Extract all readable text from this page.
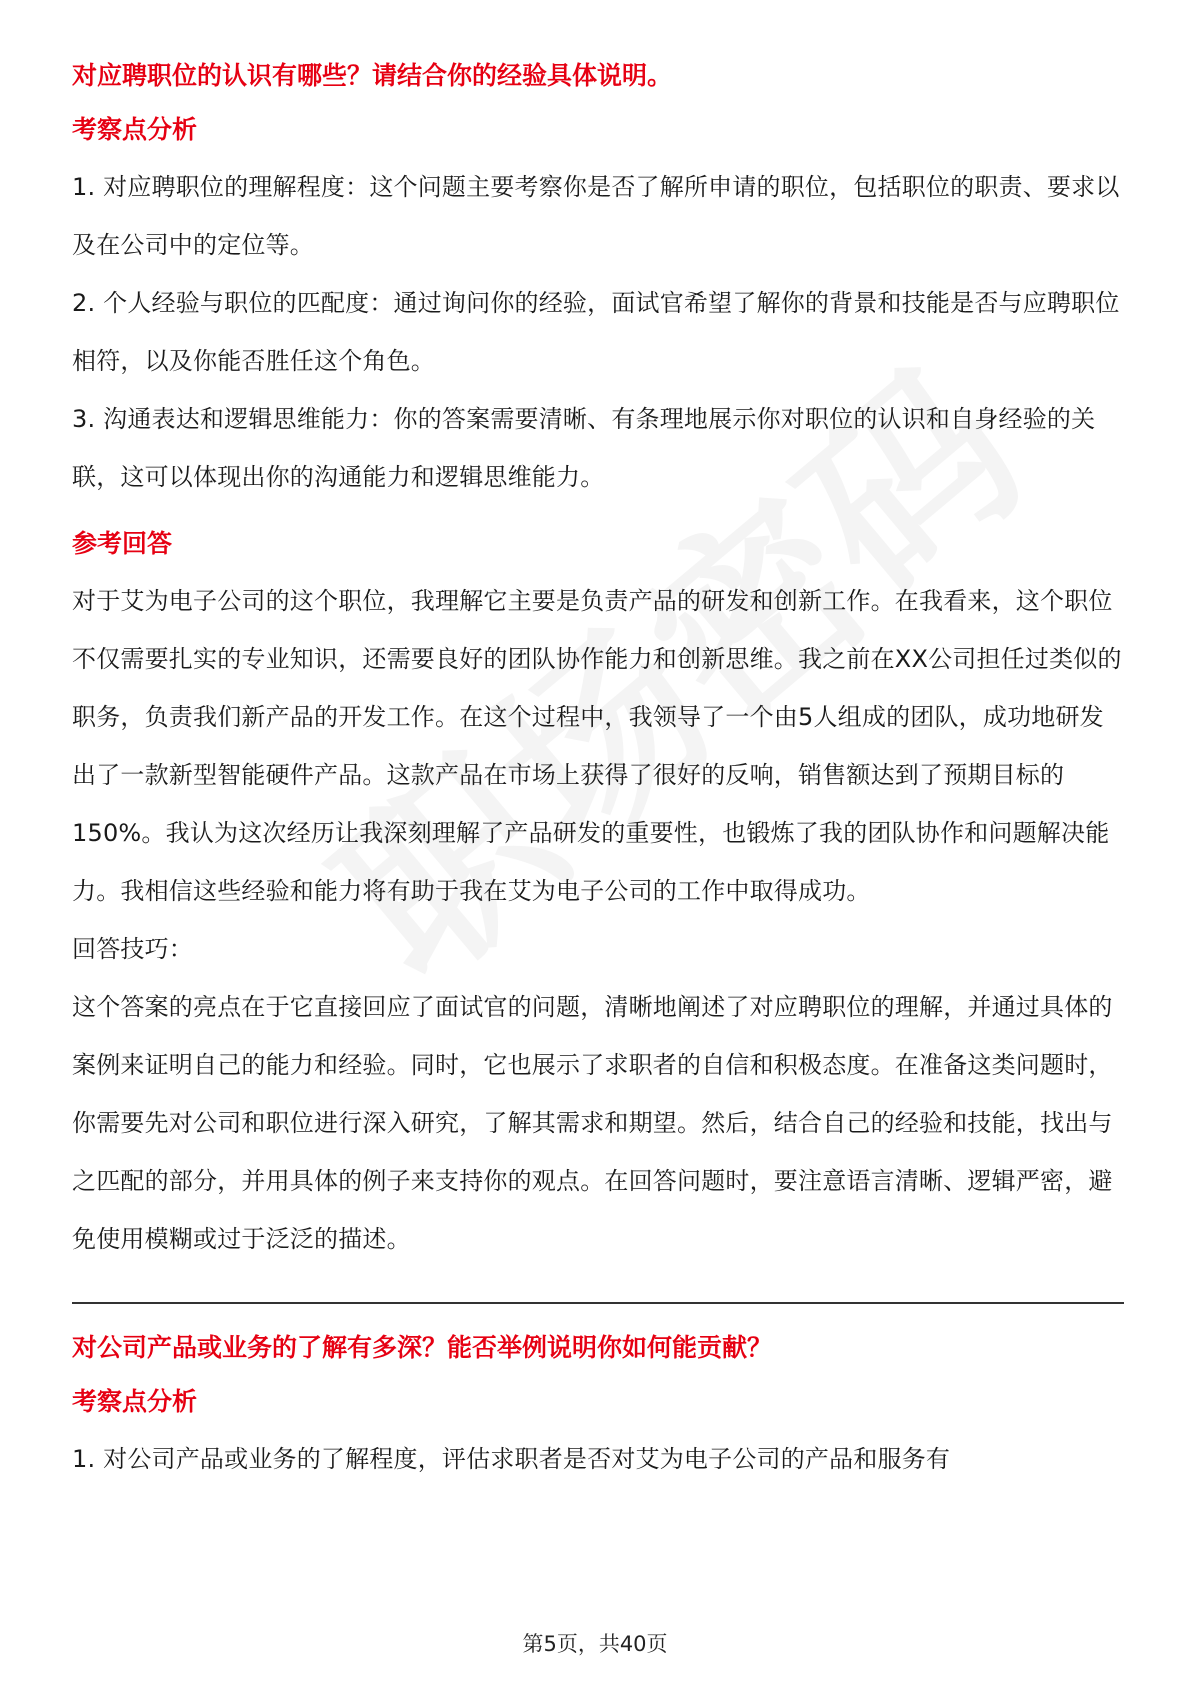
对应聘职位的认识有哪些？请结合你的经验具体说明。
考察点分析

1. 对应聘职位的理解程度：这个问题主要考察你是否了解所申请的职位，包括职位的职责、要求以及在公司中的定位等。

2. 个人经验与职位的匹配度：通过询问你的经验，面试官希望了解你的背景和技能是否与应聘职位相符，以及你能否胜任这个角色。

3. 沟通表达和逻辑思维能力：你的答案需要清晰、有条理地展示你对职位的认识和自身经验的关联，这可以体现出你的沟通能力和逻辑思维能力。

参考回答

对于艾为电子公司的这个职位，我理解它主要是负责产品的研发和创新工作。在我看来，这个职位不仅需要扎实的专业知识，还需要良好的团队协作能力和创新思维。我之前在XX公司担任过类似的职务，负责我们新产品的开发工作。在这个过程中，我领导了一个由5人组成的团队，成功地研发出了一款新型智能硬件产品。这款产品在市场上获得了很好的反响，销售额达到了预期目标的150%。我认为这次经历让我深刻理解了产品研发的重要性，也锻炼了我的团队协作和问题解决能力。我相信这些经验和能力将有助于我在艾为电子公司的工作中取得成功。

回答技巧：

这个答案的亮点在于它直接回应了面试官的问题，清晰地阐述了对应聘职位的理解，并通过具体的案例来证明自己的能力和经验。同时，它也展示了求职者的自信和积极态度。在准备这类问题时，你需要先对公司和职位进行深入研究，了解其需求和期望。然后，结合自己的经验和技能，找出与之匹配的部分，并用具体的例子来支持你的观点。在回答问题时，要注意语言清晰、逻辑严密，避免使用模糊或过于泛泛的描述。

对公司产品或业务的了解有多深？能否举例说明你如何能贡献？
考察点分析

1. 对公司产品或业务的了解程度，评估求职者是否对艾为电子公司的产品和服务有

第5页，共40页
